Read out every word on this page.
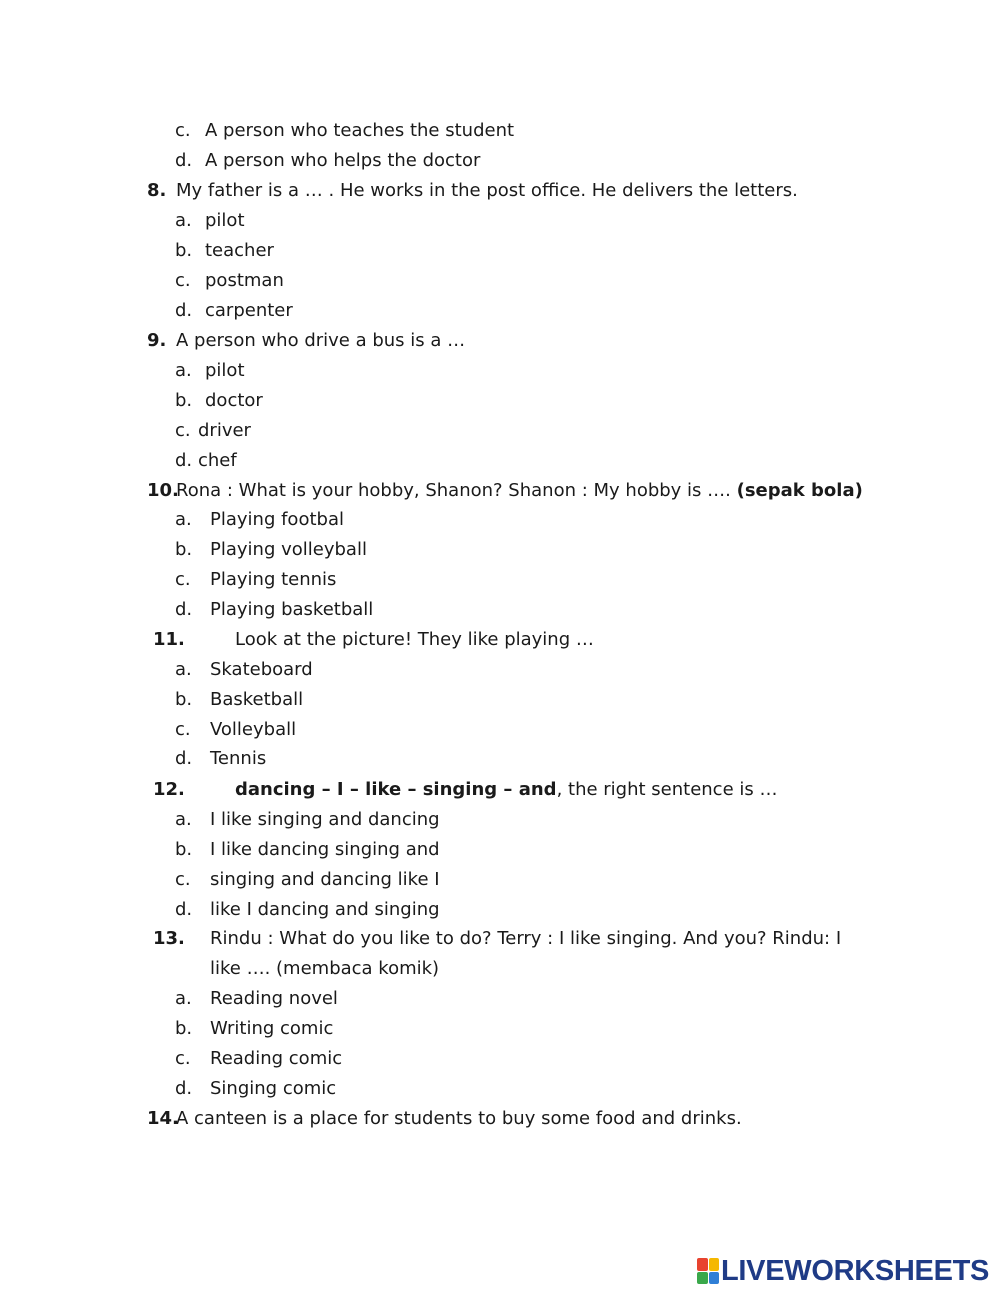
c. A person who teaches the student
d. A person who helps the doctor
8. My father is a … . He works in the post office. He delivers the letters.
a. pilot
b. teacher
c. postman
d. carpenter
9. A person who drive a bus is a …
a. pilot
b. doctor
c. driver
d. chef
10.
Rona : What is your hobby, Shanon? Shanon : My hobby is …. (sepak bola)
a. Playing footbal
b. Playing volleyball
c. Playing tennis
d. Playing basketball
11.	Look at the picture! They like playing …
a. Skateboard
b. Basketball
c. Volleyball
d. Tennis
12.	dancing – I – like – singing – and, the right sentence is …
a. I like singing and dancing
b. I like dancing singing and
c. singing and dancing like I
d. like I dancing and singing
13. Rindu : What do you like to do? Terry : I like singing. And you? Rindu: I
like …. (membaca komik)
a. Reading novel
b. Writing comic
c. Reading comic
d. Singing comic
14.
A canteen is a place for students to buy some food and drinks.
LIVEWORKSHEETS
